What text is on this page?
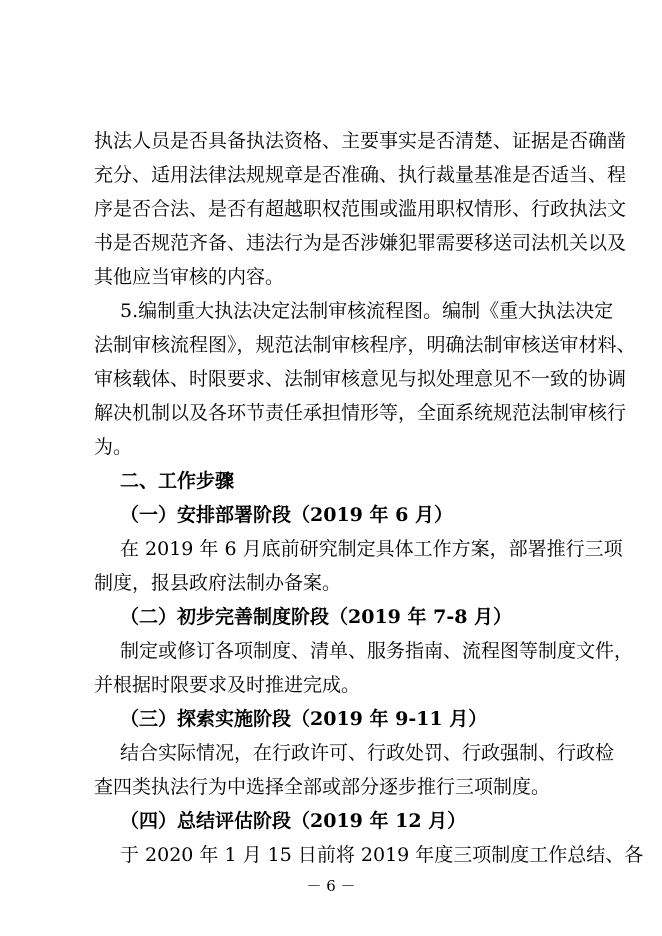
执法人员是否具备执法资格、主要事实是否清楚、证据是否确凿
充分、适用法律法规规章是否准确、执行裁量基准是否适当、程
序是否合法、是否有超越职权范围或滥用职权情形、行政执法文
书是否规范齐备、违法行为是否涉嫌犯罪需要移送司法机关以及
其他应当审核的内容。
5.编制重大执法决定法制审核流程图。编制《重大执法决定
法制审核流程图》，规范法制审核程序，明确法制审核送审材料、
审核载体、时限要求、法制审核意见与拟处理意见不一致的协调
解决机制以及各环节责任承担情形等，全面系统规范法制审核行
为。
二、工作步骤
（一）安排部署阶段（2019 年 6 月）
在 2019 年 6 月底前研究制定具体工作方案，部署推行三项
制度，报县政府法制办备案。
（二）初步完善制度阶段（2019 年 7-8 月）
制定或修订各项制度、清单、服务指南、流程图等制度文件，
并根据时限要求及时推进完成。
（三）探索实施阶段（2019 年 9-11 月）
结合实际情况，在行政许可、行政处罚、行政强制、行政检
查四类执法行为中选择全部或部分逐步推行三项制度。
（四）总结评估阶段（2019 年 12 月）
于 2020 年 1 月 15 日前将 2019 年度三项制度工作总结、各
－ 6 －
